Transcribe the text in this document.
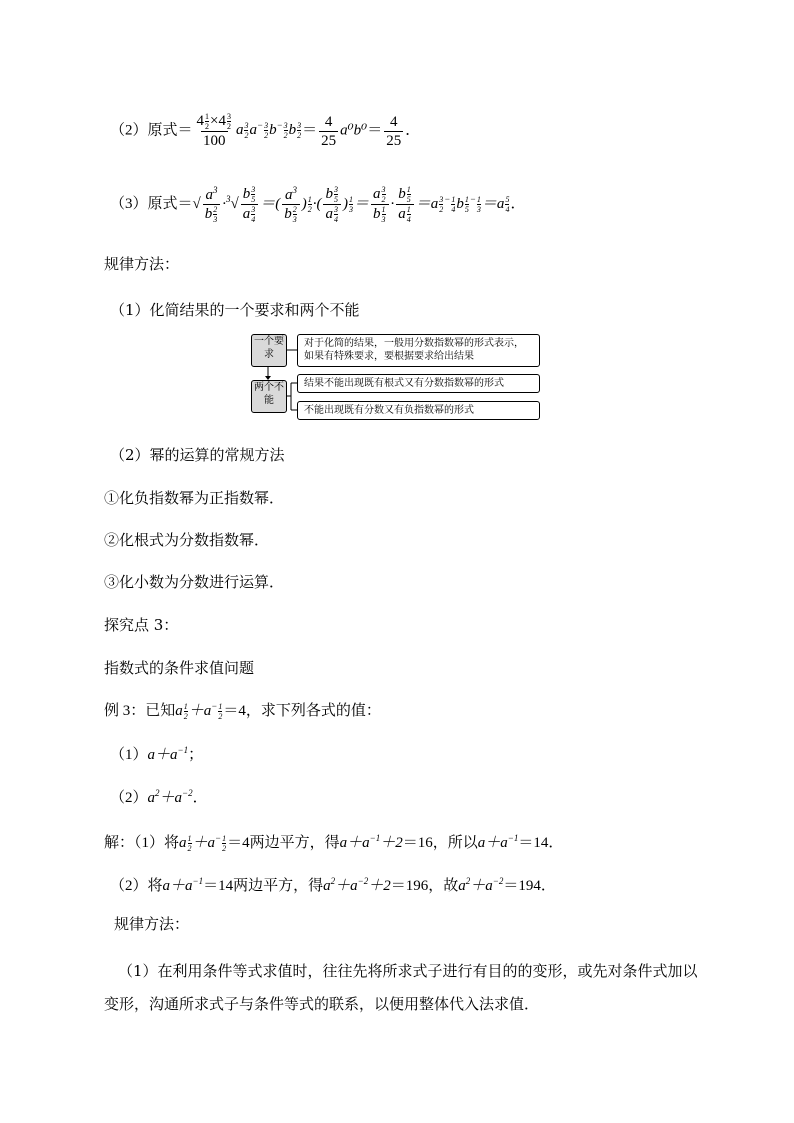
（2）原式＝ $\frac{4 \frac{1}{2} \times 4 \frac{3}{2}}{100}$ a $\frac{3}{2} a^- \frac{3}{2} b^- \frac{3}{2}$ b $\frac{3}{2} = \frac{4}{25} a^0b^0= \frac{4}{25}$ ．
（3）原式＝√ $\frac{a^3}{b \frac{2}{3}} \cdot^3√ \frac{b \frac{3}{5}}{a \frac{3}{4}}$ ＝( $\frac{a^3}{b \frac{2}{3}}$ ) $\frac{1}{2}$ ·( $\frac{b \frac{3}{5}}{a \frac{3}{4}}$ ) $\frac{1}{3} = \frac{a \frac{3}{2}}{b \frac{1}{3}} \cdot \frac{b \frac{1}{5}}{a \frac{1}{4}} =a \frac{3}{2} ^- \frac{1}{4}$ b $\frac{1}{5} ^- \frac{1}{3} =a \frac{5}{4}$ ．
规律方法：
（1）化简结果的一个要求和两个不能
一个要求
两个不能
对于化简的结果，一般用分数指数幂的形式表示，如果有特殊要求，要根据要求给出结果
结果不能出现既有根式又有分数指数幂的形式
不能出现既有分数又有负指数幂的形式
（2）幂的运算的常规方法
①化负指数幂为正指数幂．
②化根式为分数指数幂．
③化小数为分数进行运算．
探究点 3：
指数式的条件求值问题
例 3：已知a $\frac{1}{2} +a^- \frac{1}{2} =4$，求下列各式的值：
$(1)a+a^{-1}$；
$(2)a^2+a^{-2}$．
解：（1）将a $\frac{1}{2} +a^- \frac{1}{2} =4$两边平方，得$a+a^{-1}+2=16$，所以$a+a^{-1}=14$．
（2）将$a+a^{-1}=14$两边平方，得$a^2+a^{-2}+2=196$，故$a^2+a^{-2}=194$．
规律方法：
（1）在利用条件等式求值时，往往先将所求式子进行有目的的变形，或先对条件式加以
变形，沟通所求式子与条件等式的联系，以便用整体代入法求值．
